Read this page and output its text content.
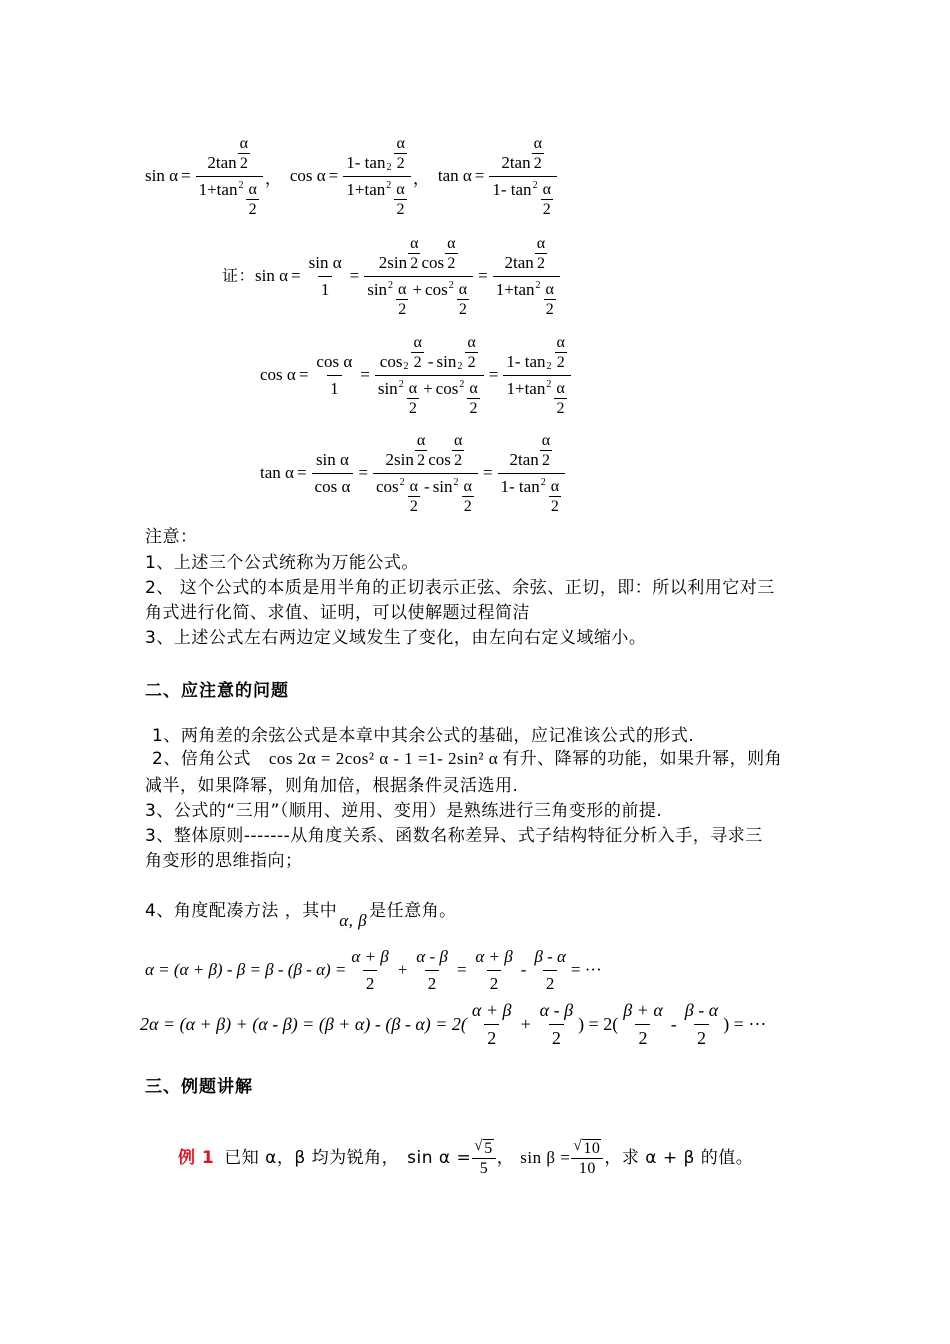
$\sin \alpha = \frac{2\tan \frac{\alpha}{2}}{1+\tan 2 \frac{\alpha}{2}}$ ， $\cos \alpha = \frac{1- \tan 2 \frac{\alpha}{2}}{1+\tan 2 \frac{\alpha}{2}}$ ， $\tan \alpha = \frac{2\tan \frac{\alpha}{2}}{1- \tan 2 \frac{\alpha}{2}}$
证： $\sin \alpha = \frac{\text{sin α}}{1} = \frac{2\sin \frac{\alpha}{2} \cos \frac{\alpha}{2}}{\sin 2 \frac{\alpha}{2} + \cos 2 \frac{\alpha}{2}} = \frac{2\tan \frac{\alpha}{2}}{1+\tan 2 \frac{\alpha}{2}}$
$\cos \alpha = \frac{\text{cos α}}{1} = \frac{\cos 2 \frac{\alpha}{2} - \sin 2 \frac{\alpha}{2}}{\sin 2 \frac{\alpha}{2} + \cos 2 \frac{\alpha}{2}} = \frac{1- \tan 2 \frac{\alpha}{2}}{1+\tan 2 \frac{\alpha}{2}}$
$\tan \alpha = \frac{\text{sin α}}{\text{cos α}} = \frac{2\sin \frac{\alpha}{2} \cos \frac{\alpha}{2}}{\cos 2 \frac{\alpha}{2} - \sin 2 \frac{\alpha}{2}} = \frac{2\tan \frac{\alpha}{2}}{1- \tan 2 \frac{\alpha}{2}}$
注意：
1、上述三个公式统称为万能公式。
2、 这个公式的本质是用半角的正切表示正弦、余弦、正切，即：所以利用它对三
角式进行化简、求值、证明，可以使解题过程简洁
3、上述公式左右两边定义域发生了变化，由左向右定义域缩小。
二、应注意的问题
1、两角差的余弦公式是本章中其余公式的基础，应记准该公式的形式.
2、倍角公式 cos 2α = 2cos² α - 1 =1- 2sin² α 有升、降幂的功能，如果升幂，则角
减半，如果降幂，则角加倍，根据条件灵活选用.
3、公式的“三用”（顺用、逆用、变用）是熟练进行三角变形的前提.
3、整体原则-------从角度关系、函数名称差异、式子结构特征分析入手，寻求三
角变形的思维指向；
4、角度配凑方法 ，其中 α, β 是任意角。
$\alpha = (\alpha + \beta) - \beta = \beta - (\beta - \alpha) = \frac{\alpha + \beta}{2} + \frac{\alpha - \beta}{2} = \frac{\alpha + \beta}{2} - \frac{\beta - \alpha}{2}$ = ···
$2\alpha = (\alpha + \beta) + (\alpha - \beta) = (\beta + \alpha) - (\beta - \alpha) = 2( \frac{\alpha + \beta}{2} + \frac{\alpha - \beta}{2}$ ) = $2( \frac{\beta + \alpha}{2} - \frac{\beta - \alpha}{2}$ ) = ···
三、例题讲解
例 1 已知 α，β 均为锐角， $\sin \alpha = \frac{√ 5}{5}$ ， $\sin \beta = \frac{√ 10}{10}$ ，求 α + β 的值。
